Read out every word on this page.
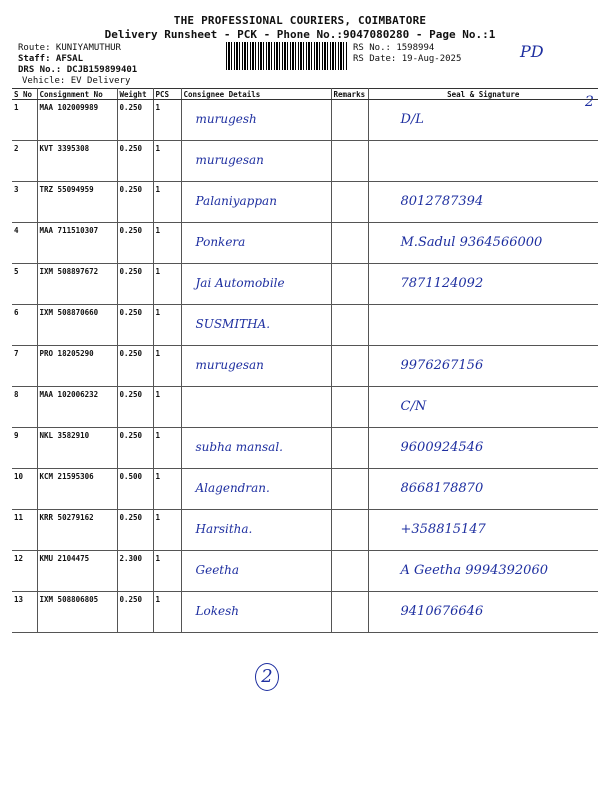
THE PROFESSIONAL COURIERS, COIMBATORE
Delivery Runsheet - PCK - Phone No.:9047080280 - Page No.:1
Route: KUNIYAMUTHUR
Staff: AFSAL
DRS No.: DCJB159899401
Vehicle: EV Delivery
RS No.: 1598994
RS Date: 19-Aug-2025	PD
2
S No	Consignment No	Weight	PCS	Consignee Details	Remarks	Seal & Signature
1	MAA 102009989	0.250	1	murugesh		D/L

2	KVT 3395308	0.250	1	murugesan		

3	TRZ 55094959	0.250	1	Palaniyappan		8012787394

4	MAA 711510307	0.250	1	Ponkera		M.Sadul 9364566000

5	IXM 508897672	0.250	1	Jai Automobile		7871124092

6	IXM 508870660	0.250	1	SUSMITHA.		

7	PRO 18205290	0.250	1	murugesan		9976267156

8	MAA 102006232	0.250	1			C/N

9	NKL 3582910	0.250	1	subha mansal.		9600924546

10	KCM 21595306	0.500	1	Alagendran.		8668178870

11	KRR 50279162	0.250	1	Harsitha.		+358815147

12	KMU 2104475	2.300	1	Geetha		A Geetha 9994392060

13	IXM 508806805	0.250	1	Lokesh		9410676646
2
